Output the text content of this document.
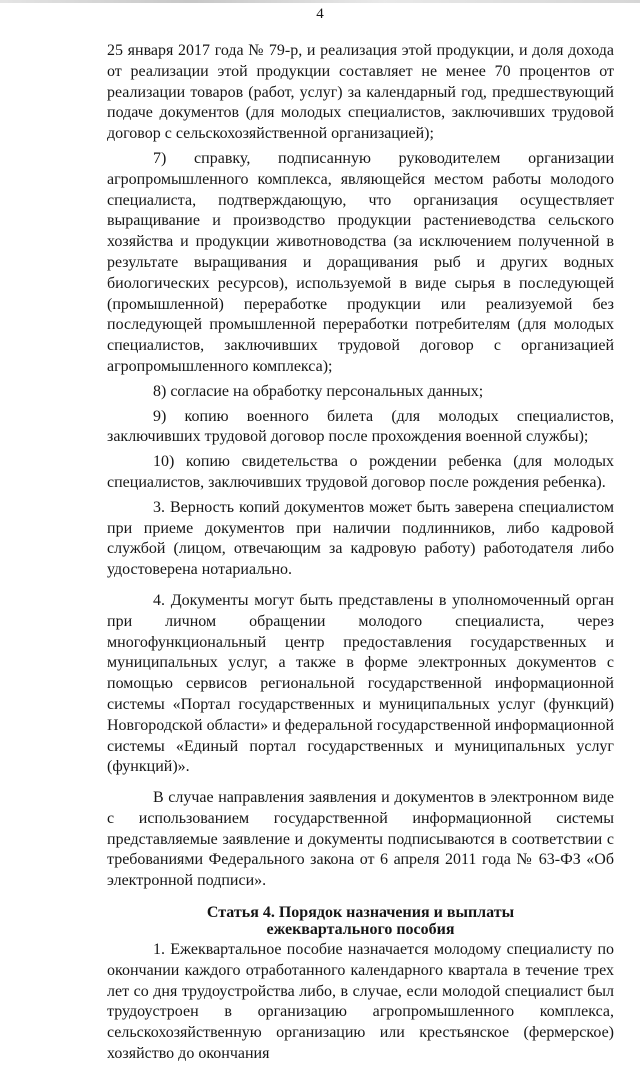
4

25 января 2017 года № 79-р, и реализация этой продукции, и доля дохода от реализации этой продукции составляет не менее 70 процентов от реализации товаров (работ, услуг) за календарный год, предшествующий подаче документов (для молодых специалистов, заключивших трудовой договор с сельскохозяйственной организацией);

7) справку, подписанную руководителем организации агропромышленного комплекса, являющейся местом работы молодого специалиста, подтверждающую, что организация осуществляет выращивание и производство продукции растениеводства сельского хозяйства и продукции животноводства (за исключением полученной в результате выращивания и доращивания рыб и других водных биологических ресурсов), используемой в виде сырья в последующей (промышленной) переработке продукции или реализуемой без последующей промышленной переработки потребителям (для молодых специалистов, заключивших трудовой договор с организацией агропромышленного комплекса);

8) согласие на обработку персональных данных;

9) копию военного билета (для молодых специалистов, заключивших трудовой договор после прохождения военной службы);

10) копию свидетельства о рождении ребенка (для молодых специалистов, заключивших трудовой договор после рождения ребенка).

3. Верность копий документов может быть заверена специалистом при приеме документов при наличии подлинников, либо кадровой службой (лицом, отвечающим за кадровую работу) работодателя либо удостоверена нотариально.

4. Документы могут быть представлены в уполномоченный орган при личном обращении молодого специалиста, через многофункциональный центр предоставления государственных и муниципальных услуг, а также в форме электронных документов с помощью сервисов региональной государственной информационной системы «Портал государственных и муниципальных услуг (функций) Новгородской области» и федеральной государственной информационной системы «Единый портал государственных и муниципальных услуг (функций)».

В случае направления заявления и документов в электронном виде с использованием государственной информационной системы представляемые заявление и документы подписываются в соответствии с требованиями Федерального закона от 6 апреля 2011 года № 63-ФЗ «Об электронной подписи».

Статья 4. Порядок назначения и выплаты ежеквартального пособия

1. Ежеквартальное пособие назначается молодому специалисту по окончании каждого отработанного календарного квартала в течение трех лет со дня трудоустройства либо, в случае, если молодой специалист был трудоустроен в организацию агропромышленного комплекса, сельскохозяйственную организацию или крестьянское (фермерское) хозяйство до окончания
